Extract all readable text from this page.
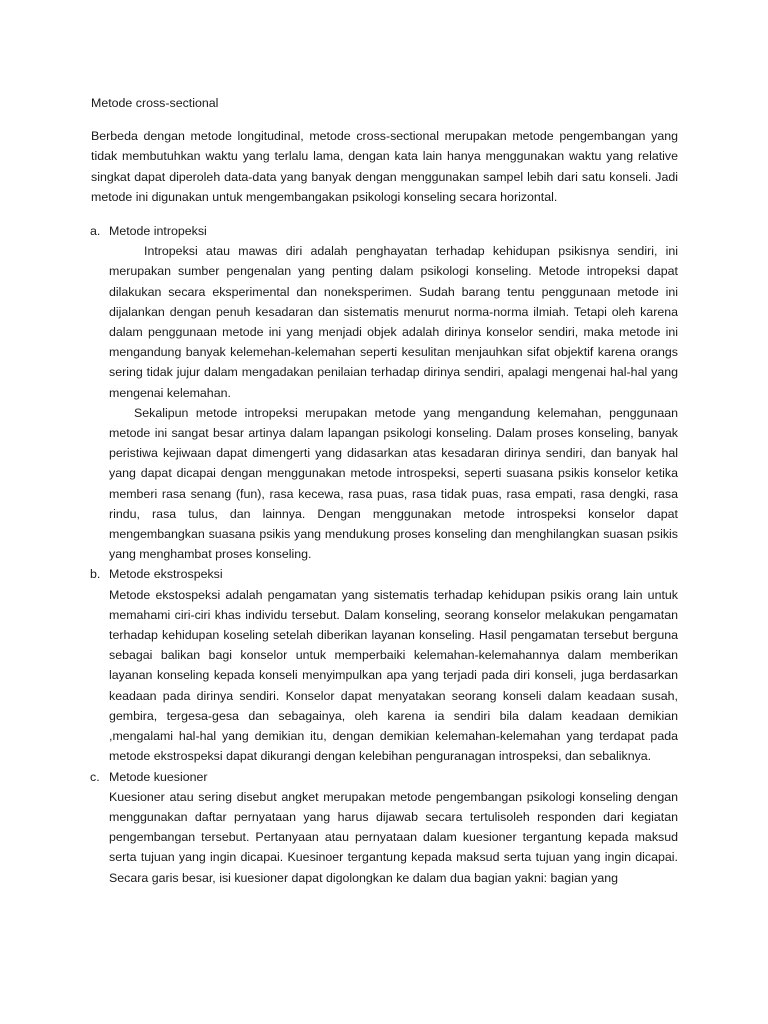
Metode cross-sectional

Berbeda dengan metode longitudinal, metode cross-sectional merupakan metode pengembangan yang tidak membutuhkan waktu yang terlalu lama, dengan kata lain hanya menggunakan waktu yang relative singkat dapat diperoleh data-data yang banyak dengan menggunakan sampel lebih dari satu konseli. Jadi metode ini digunakan untuk mengembangakan psikologi konseling secara horizontal.

a. Metode intropeksi

Intropeksi atau mawas diri adalah penghayatan terhadap kehidupan psikisnya sendiri, ini merupakan sumber pengenalan yang penting dalam psikologi konseling. Metode intropeksi dapat dilakukan secara eksperimental dan noneksperimen. Sudah barang tentu penggunaan metode ini dijalankan dengan penuh kesadaran dan sistematis menurut norma-norma ilmiah. Tetapi oleh karena dalam penggunaan metode ini yang menjadi objek adalah dirinya konselor sendiri, maka metode ini mengandung banyak kelemehan-kelemahan seperti kesulitan menjauhkan sifat objektif karena orangs sering tidak jujur dalam mengadakan penilaian terhadap dirinya sendiri, apalagi mengenai hal-hal yang mengenai kelemahan.

Sekalipun metode intropeksi merupakan metode yang mengandung kelemahan, penggunaan metode ini sangat besar artinya dalam lapangan psikologi konseling. Dalam proses konseling, banyak peristiwa kejiwaan dapat dimengerti yang didasarkan atas kesadaran dirinya sendiri, dan banyak hal yang dapat dicapai dengan menggunakan metode introspeksi, seperti suasana psikis konselor ketika memberi rasa senang (fun), rasa kecewa, rasa puas, rasa tidak puas, rasa empati, rasa dengki, rasa rindu, rasa tulus, dan lainnya. Dengan menggunakan metode introspeksi konselor dapat mengembangkan suasana psikis yang mendukung proses konseling dan menghilangkan suasan psikis yang menghambat proses konseling.

b. Metode ekstrospeksi

Metode ekstospeksi adalah pengamatan yang sistematis terhadap kehidupan psikis orang lain untuk memahami ciri-ciri khas individu tersebut. Dalam konseling, seorang konselor melakukan pengamatan terhadap kehidupan koseling setelah diberikan layanan konseling. Hasil pengamatan tersebut berguna sebagai balikan bagi konselor untuk memperbaiki kelemahan-kelemahannya dalam memberikan layanan konseling kepada konseli menyimpulkan apa yang terjadi pada diri konseli, juga berdasarkan keadaan pada dirinya sendiri. Konselor dapat menyatakan seorang konseli dalam keadaan susah, gembira, tergesa-gesa dan sebagainya, oleh karena ia sendiri bila dalam keadaan demikian ,mengalami hal-hal yang demikian itu, dengan demikian kelemahan-kelemahan yang terdapat pada metode ekstrospeksi dapat dikurangi dengan kelebihan penguranagan introspeksi, dan sebaliknya.

c. Metode kuesioner

Kuesioner atau sering disebut angket merupakan metode pengembangan psikologi konseling dengan menggunakan daftar pernyataan yang harus dijawab secara tertulisoleh responden dari kegiatan pengembangan tersebut. Pertanyaan atau pernyataan dalam kuesioner tergantung kepada maksud serta tujuan yang ingin dicapai. Kuesinoer tergantung kepada maksud serta tujuan yang ingin dicapai. Secara garis besar, isi kuesioner dapat digolongkan ke dalam dua bagian yakni: bagian yang
